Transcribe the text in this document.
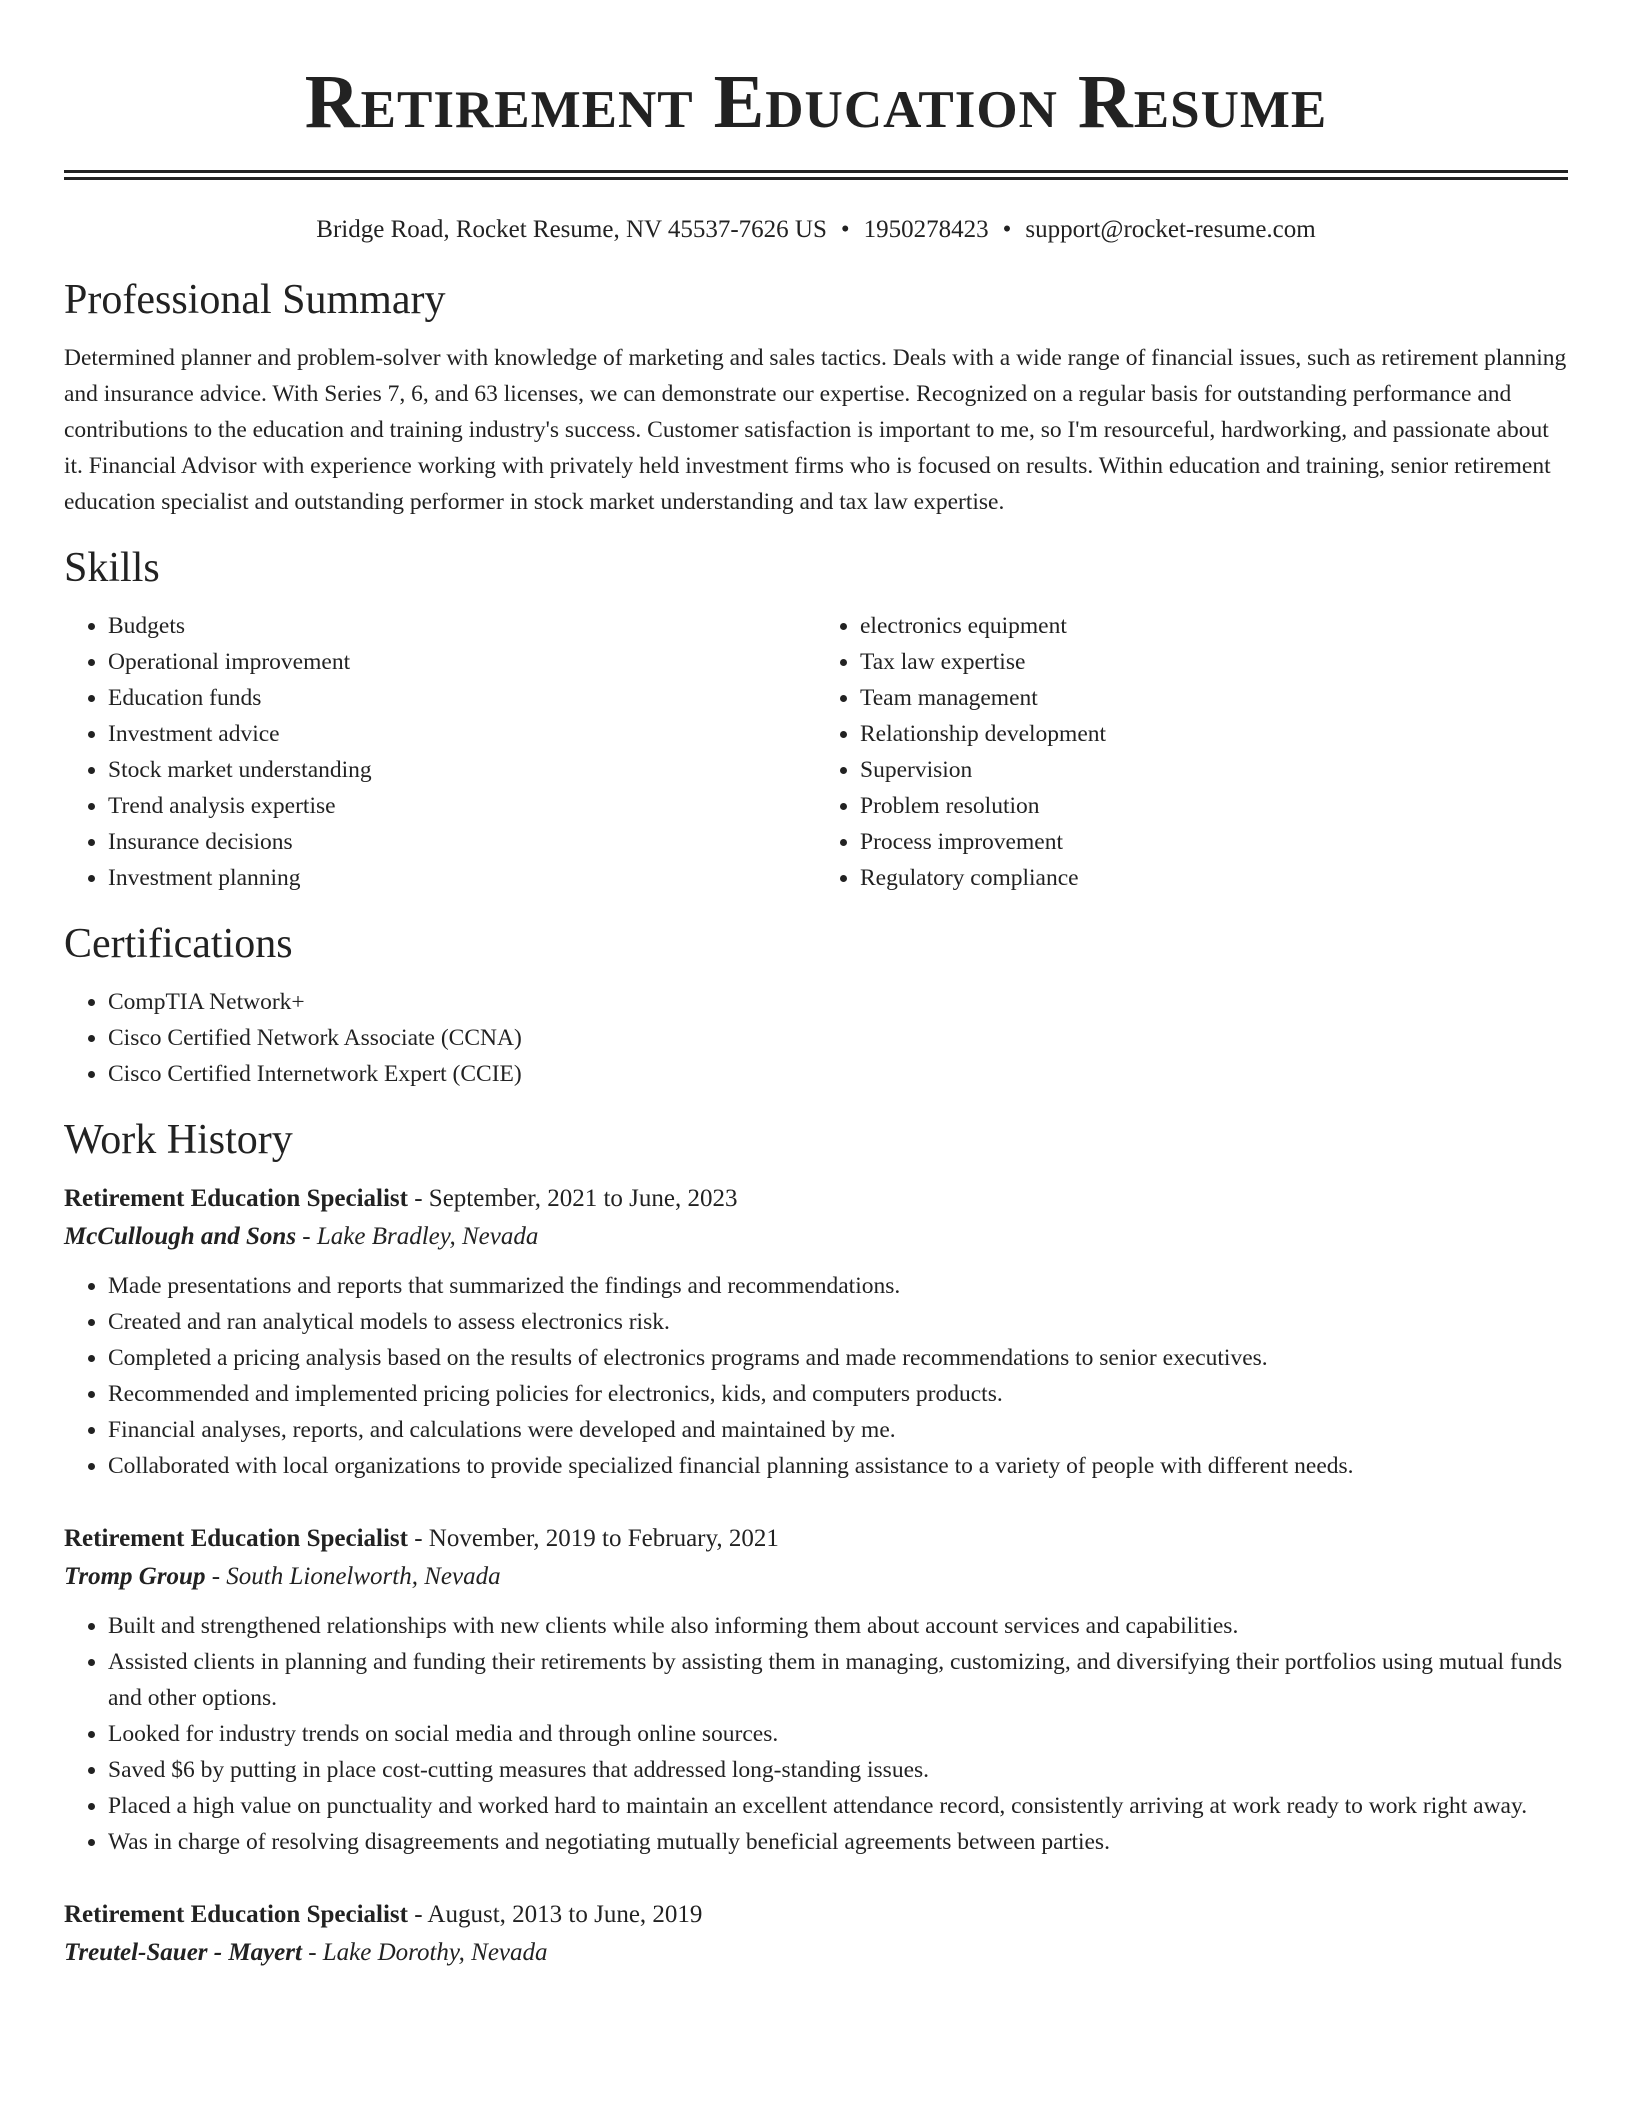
Retirement Education Resume
Bridge Road, Rocket Resume, NV 45537-7626 US • 1950278423 • support@rocket-resume.com
Professional Summary

Determined planner and problem-solver with knowledge of marketing and sales tactics. Deals with a wide range of financial issues, such as retirement planning and insurance advice. With Series 7, 6, and 63 licenses, we can demonstrate our expertise. Recognized on a regular basis for outstanding performance and contributions to the education and training industry's success. Customer satisfaction is important to me, so I'm resourceful, hardworking, and passionate about it. Financial Advisor with experience working with privately held investment firms who is focused on results. Within education and training, senior retirement education specialist and outstanding performer in stock market understanding and tax law expertise.

Skills
• Budgets
• Operational improvement
• Education funds
• Investment advice
• Stock market understanding
• Trend analysis expertise
• Insurance decisions
• Investment planning
• electronics equipment
• Tax law expertise
• Team management
• Relationship development
• Supervision
• Problem resolution
• Process improvement
• Regulatory compliance
Certifications
• CompTIA Network+
• Cisco Certified Network Associate (CCNA)
• Cisco Certified Internetwork Expert (CCIE)
Work History
Retirement Education Specialist - September, 2021 to June, 2023
McCullough and Sons - Lake Bradley, Nevada
• Made presentations and reports that summarized the findings and recommendations.
• Created and ran analytical models to assess electronics risk.
• Completed a pricing analysis based on the results of electronics programs and made recommendations to senior executives.
• Recommended and implemented pricing policies for electronics, kids, and computers products.
• Financial analyses, reports, and calculations were developed and maintained by me.
• Collaborated with local organizations to provide specialized financial planning assistance to a variety of people with different needs.
Retirement Education Specialist - November, 2019 to February, 2021
Tromp Group - South Lionelworth, Nevada
• Built and strengthened relationships with new clients while also informing them about account services and capabilities.
• Assisted clients in planning and funding their retirements by assisting them in managing, customizing, and diversifying their portfolios using mutual funds and other options.
• Looked for industry trends on social media and through online sources.
• Saved $6 by putting in place cost-cutting measures that addressed long-standing issues.
• Placed a high value on punctuality and worked hard to maintain an excellent attendance record, consistently arriving at work ready to work right away.
• Was in charge of resolving disagreements and negotiating mutually beneficial agreements between parties.
Retirement Education Specialist - August, 2013 to June, 2019
Treutel-Sauer - Mayert - Lake Dorothy, Nevada
